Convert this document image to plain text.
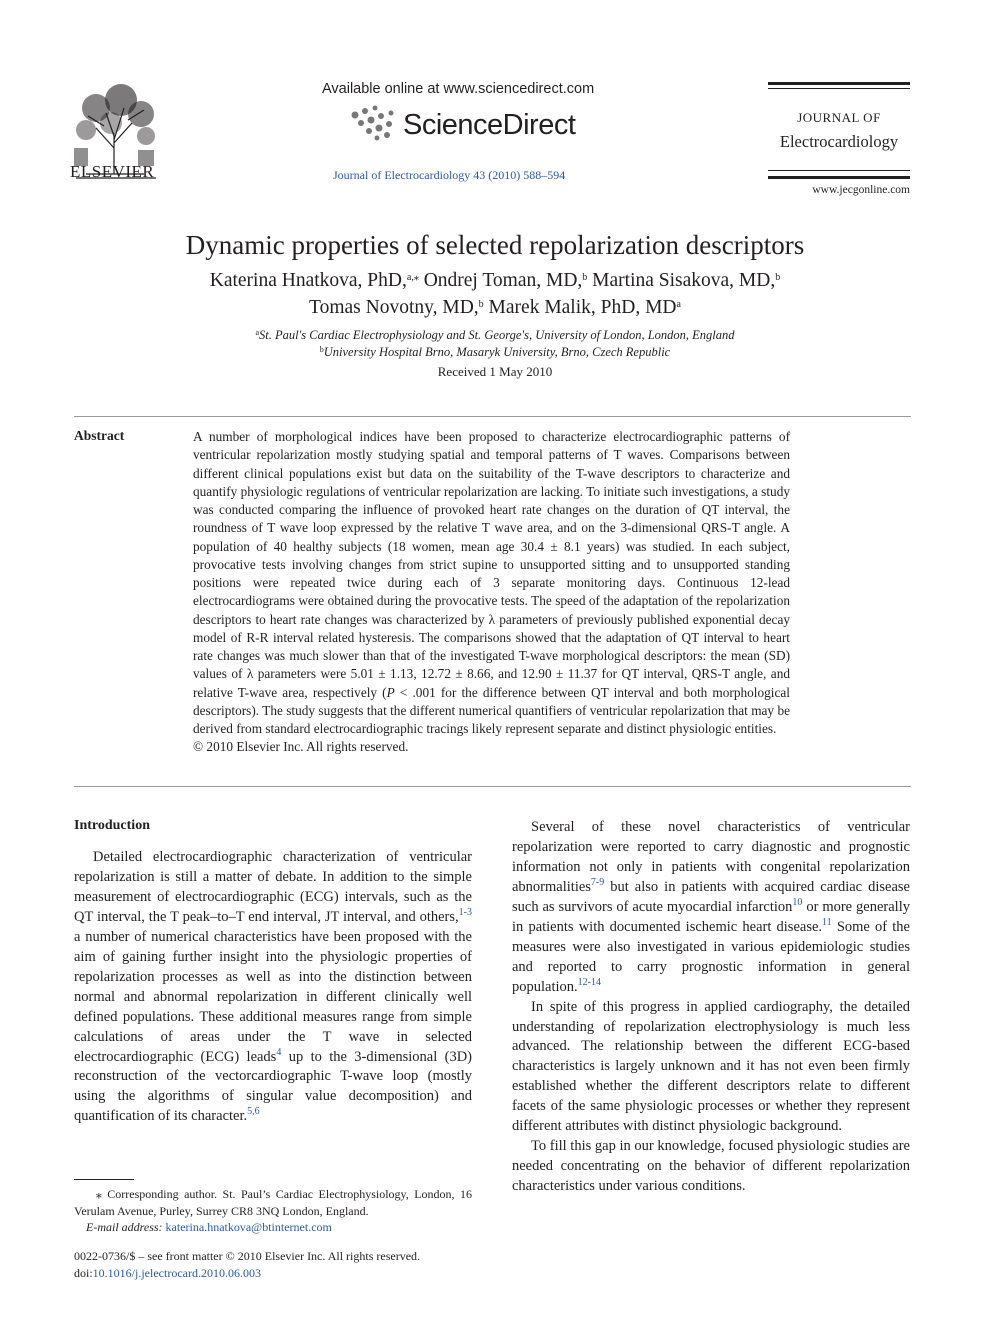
ELSEVIER
Available online at www.sciencedirect.com
ScienceDirect
Journal of Electrocardiology 43 (2010) 588–594
JOURNAL OF
Electrocardiology
www.jecgonline.com
Dynamic properties of selected repolarization descriptors
Katerina Hnatkova, PhD,$^{a,⁎}$ Ondrej Toman, MD,$^b$ Martina Sisakova, MD,$^b$
Tomas Novotny, MD,$^b$ Marek Malik, PhD, $MD^a$
$^a$St. Paul's Cardiac Electrophysiology and St. George's, University of London, London, England
$^b$University Hospital Brno, Masaryk University, Brno, Czech Republic
Received 1 May 2010
Abstract	A number of morphological indices have been proposed to characterize electrocardiographic patterns of ventricular repolarization mostly studying spatial and temporal patterns of T waves. Comparisons between different clinical populations exist but data on the suitability of the T-wave descriptors to characterize and quantify physiologic regulations of ventricular repolarization are lacking. To initiate such investigations, a study was conducted comparing the influence of provoked heart rate changes on the duration of QT interval, the roundness of T wave loop expressed by the relative T wave area, and on the 3-dimensional QRS-T angle. A population of 40 healthy subjects (18 women, mean age 30.4 ± 8.1 years) was studied. In each subject, provocative tests involving changes from strict supine to unsupported sitting and to unsupported standing positions were repeated twice during each of 3 separate monitoring days. Continuous 12-lead electrocardiograms were obtained during the provocative tests. The speed of the adaptation of the repolarization descriptors to heart rate changes was characterized by λ parameters of previously published exponential decay model of R-R interval related hysteresis. The comparisons showed that the adaptation of QT interval to heart rate changes was much slower than that of the investigated T-wave morphological descriptors: the mean (SD) values of λ parameters were 5.01 ± 1.13, 12.72 ± 8.66, and 12.90 ± 11.37 for QT interval, QRS-T angle, and relative T-wave area, respectively (P < .001 for the difference between QT interval and both morphological descriptors). The study suggests that the different numerical quantifiers of ventricular repolarization that may be derived from standard electrocardiographic tracings likely represent separate and distinct physiologic entities.
© 2010 Elsevier Inc. All rights reserved.
Introduction

Detailed electrocardiographic characterization of ventricular repolarization is still a matter of debate. In addition to the simple measurement of electrocardiographic (ECG) intervals, such as the QT interval, the T peak–to–T end interval, JT interval, and others,$^{1-3}$ a number of numerical characteristics have been proposed with the aim of gaining further insight into the physiologic properties of repolarization processes as well as into the distinction between normal and abnormal repolarization in different clinically well defined populations. These additional measures range from simple calculations of areas under the T wave in selected electrocardiographic (ECG) leads$^4$ up to the 3-dimensional (3D) reconstruction of the vectorcardiographic T-wave loop (mostly using the algorithms of singular value decomposition) and quantification of its character.$^{5,6}$

Several of these novel characteristics of ventricular repolarization were reported to carry diagnostic and prognostic information not only in patients with congenital repolarization abnormalities$^{7-9}$ but also in patients with acquired cardiac disease such as survivors of acute myocardial infarction$^{10}$ or more generally in patients with documented ischemic heart disease.$^{11}$ Some of the measures were also investigated in various epidemiologic studies and reported to carry prognostic information in general population.$^{12-14}$

In spite of this progress in applied cardiography, the detailed understanding of repolarization electrophysiology is much less advanced. The relationship between the different ECG-based characteristics is largely unknown and it has not even been firmly established whether the different descriptors relate to different facets of the same physiologic processes or whether they represent different attributes with distinct physiologic background.

To fill this gap in our knowledge, focused physiologic studies are needed concentrating on the behavior of different repolarization characteristics under various conditions.

⁎ Corresponding author. St. Paul’s Cardiac Electrophysiology, London, 16 Verulam Avenue, Purley, Surrey CR8 3NQ London, England.
E-mail address: katerina.hnatkova@btinternet.com
0022-0736/$ – see front matter © 2010 Elsevier Inc. All rights reserved.
doi:10.1016/j.jelectrocard.2010.06.003
